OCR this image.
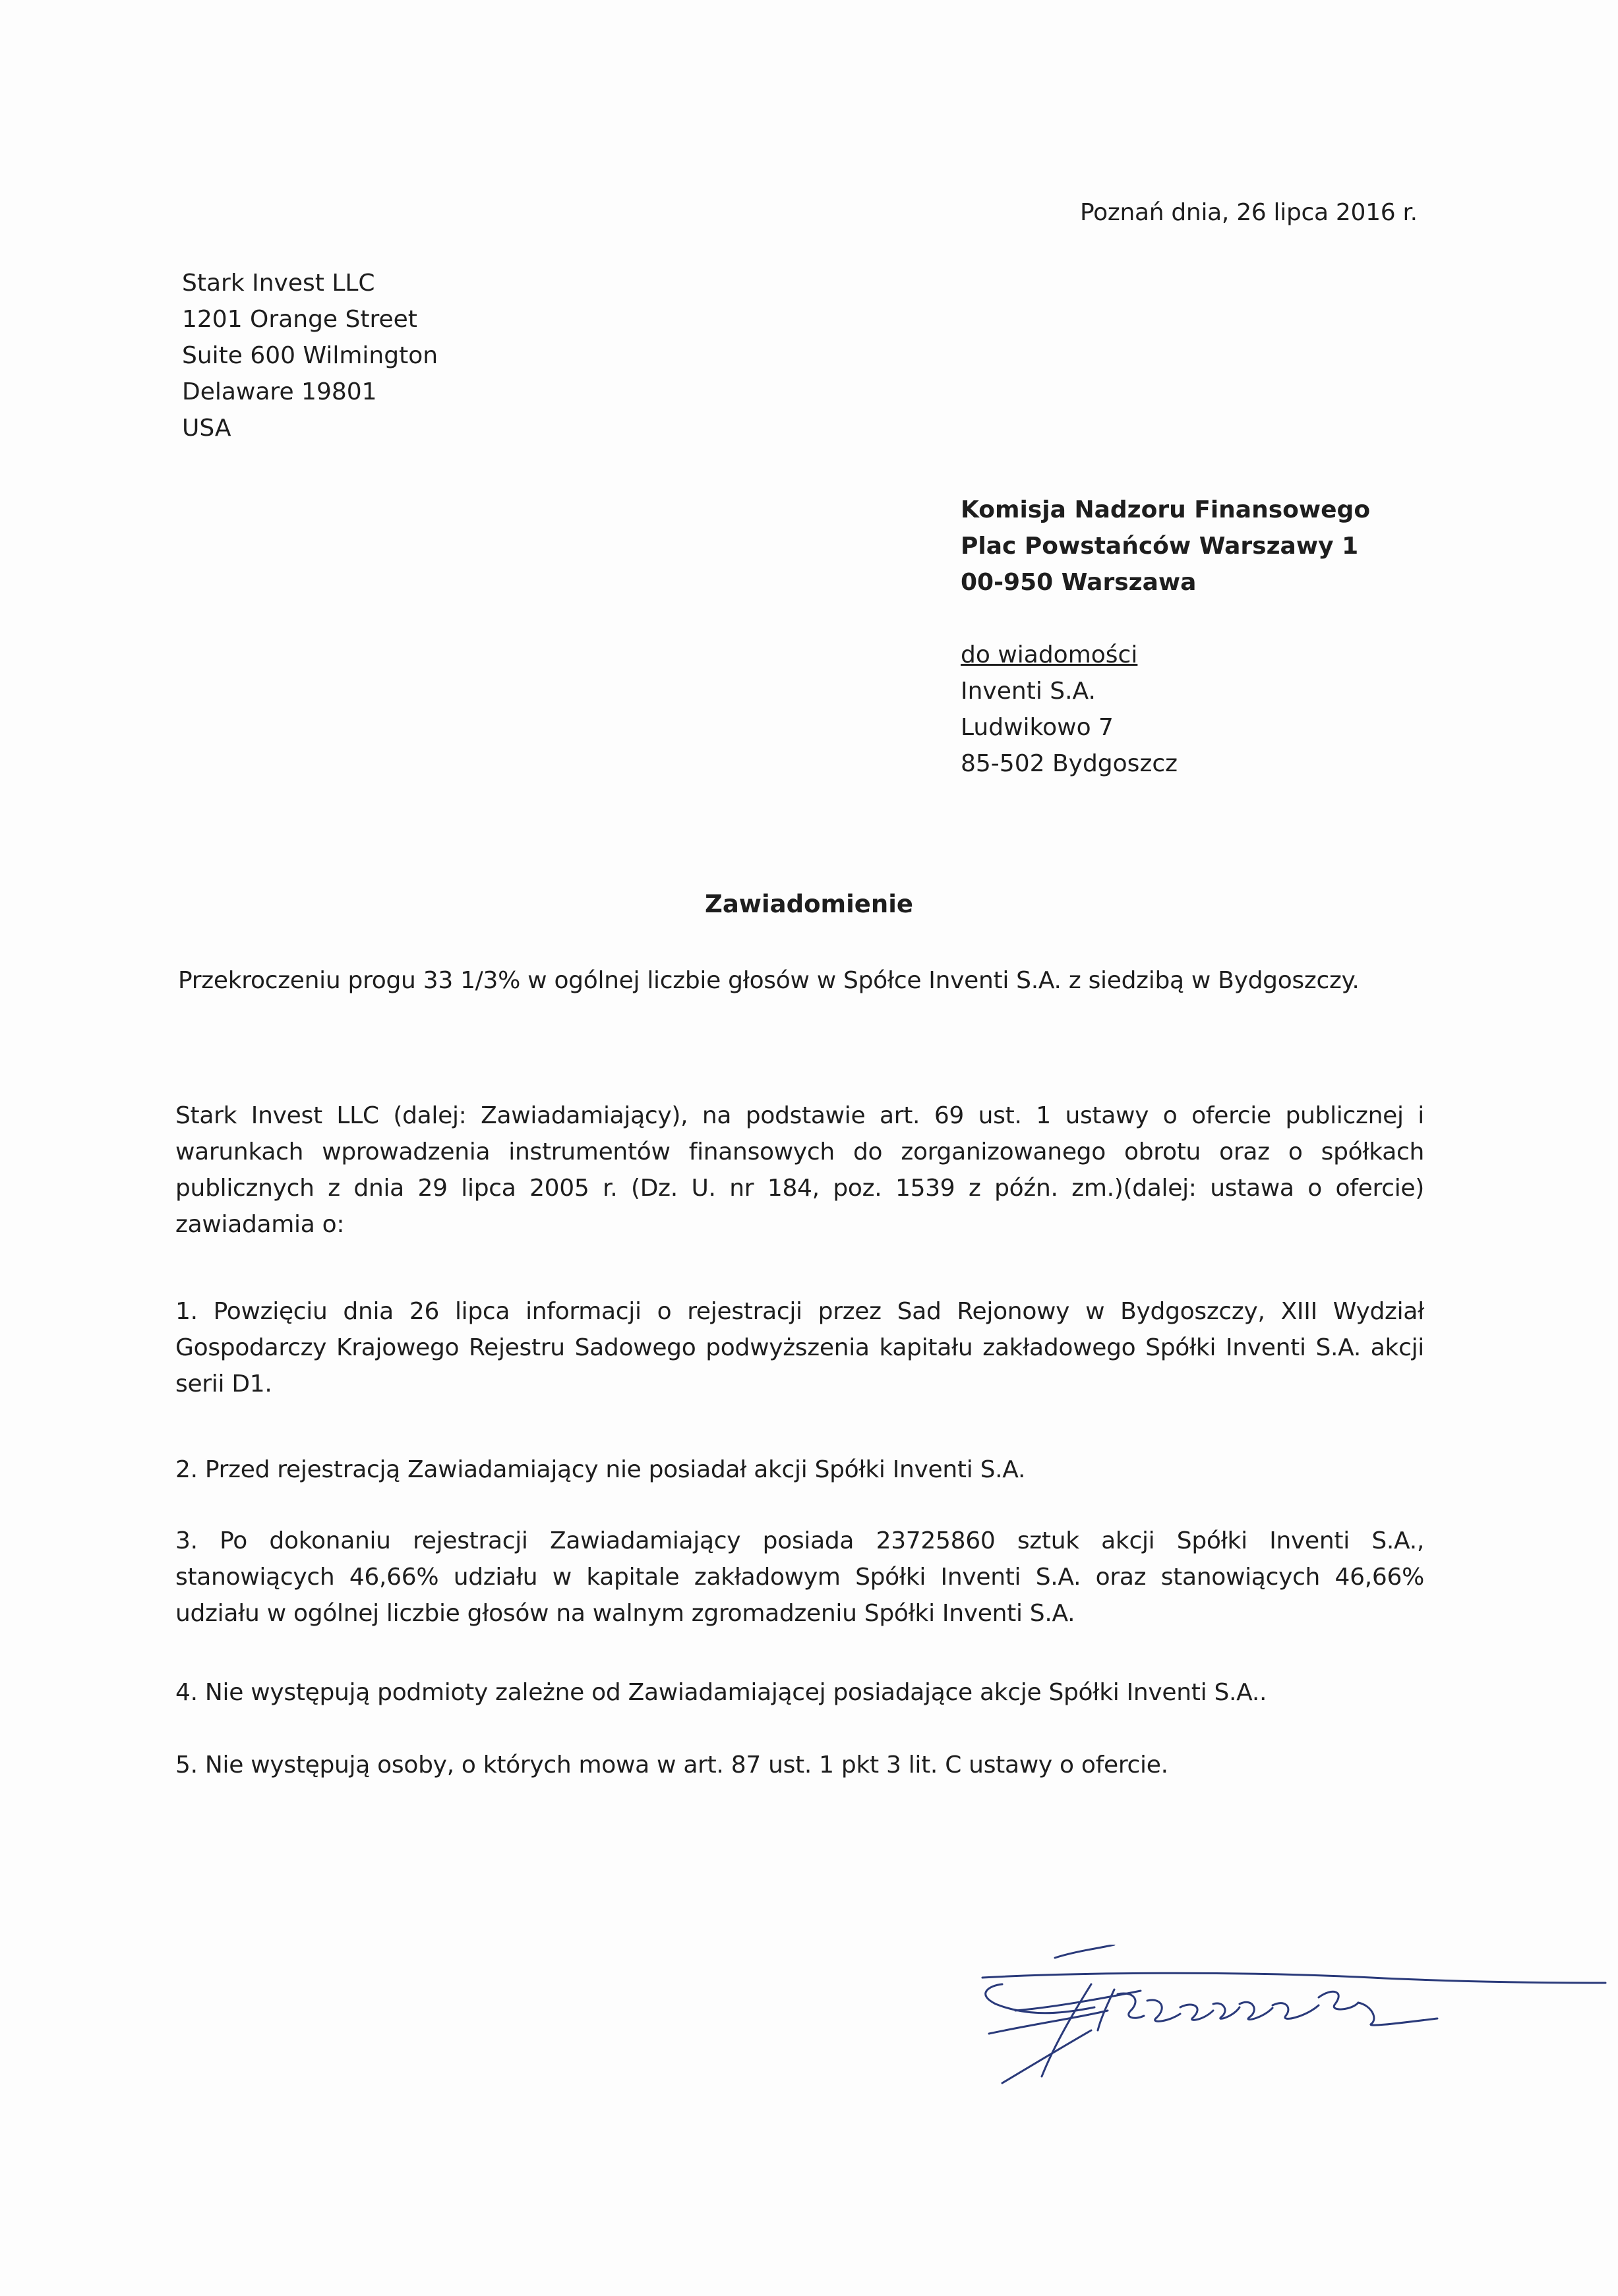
Poznań dnia, 26 lipca 2016 r.
Stark Invest LLC
1201 Orange Street
Suite 600 Wilmington
Delaware 19801
USA
Komisja Nadzoru Finansowego
Plac Powstańców Warszawy 1
00-950 Warszawa
do wiadomości
Inventi S.A.
Ludwikowo 7
85-502 Bydgoszcz
Zawiadomienie
Przekroczeniu progu 33 1/3% w ogólnej liczbie głosów w Spółce Inventi S.A. z siedzibą w Bydgoszczy.

Stark Invest LLC (dalej: Zawiadamiający), na podstawie art. 69 ust. 1 ustawy o ofercie publicznej i warunkach wprowadzenia instrumentów finansowych do zorganizowanego obrotu oraz o spółkach publicznych z dnia 29 lipca 2005 r. (Dz. U. nr 184, poz. 1539 z późn. zm.)(dalej: ustawa o ofercie) zawiadamia o:

1. Powzięciu dnia 26 lipca informacji o rejestracji przez Sad Rejonowy w Bydgoszczy, XIII Wydział Gospodarczy Krajowego Rejestru Sadowego podwyższenia kapitału zakładowego Spółki Inventi S.A. akcji serii D1.

2. Przed rejestracją Zawiadamiający nie posiadał akcji Spółki Inventi S.A.

3. Po dokonaniu rejestracji Zawiadamiający posiada 23725860 sztuk akcji Spółki Inventi S.A., stanowiących 46,66% udziału w kapitale zakładowym Spółki Inventi S.A. oraz stanowiących 46,66% udziału w ogólnej liczbie głosów na walnym zgromadzeniu Spółki Inventi S.A.

4. Nie występują podmioty zależne od Zawiadamiającej posiadające akcje Spółki Inventi S.A..

5. Nie występują osoby, o których mowa w art. 87 ust. 1 pkt 3 lit. C ustawy o ofercie.
